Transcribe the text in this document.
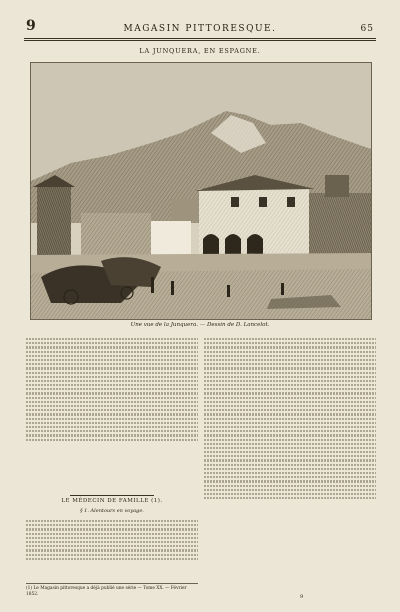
9	MAGASIN PITTORESQUE.	65
LA JUNQUERA, EN ESPAGNE.
Une vue de la Junquera. — Dessin de D. Lancelot.
LE MÉDECIN DE FAMILLE (1).
§ 1. Alentours en voyage.
(1) Le Magasin pittoresque a déjà publié une série — Tome XX. — Février 1852.	9
